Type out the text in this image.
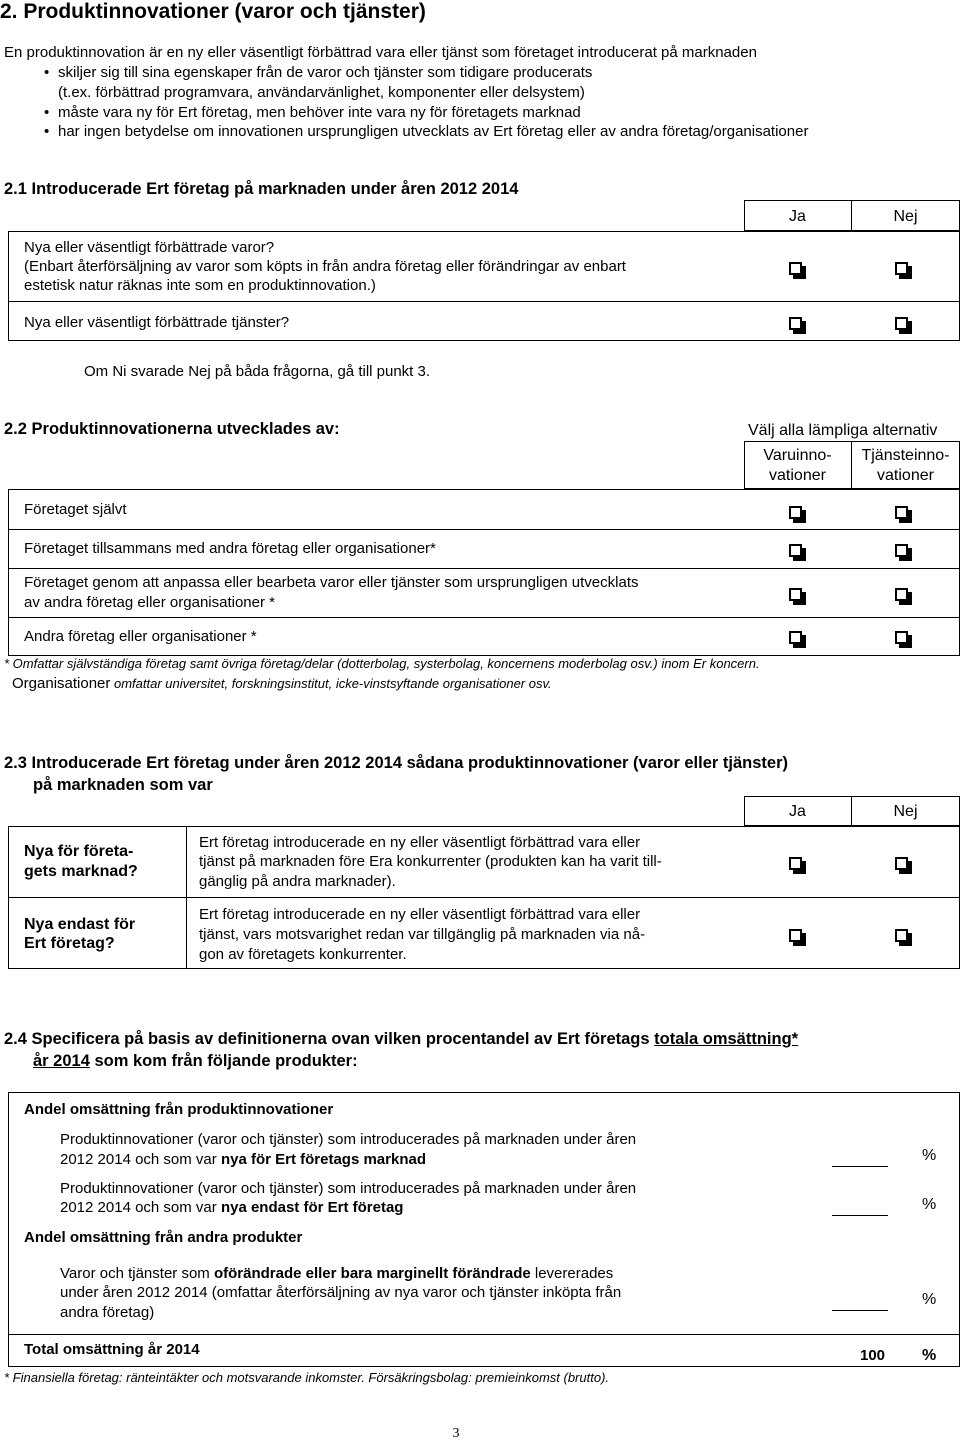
2. Produktinnovationer (varor och tjänster)
En produktinnovation är en ny eller väsentligt förbättrad vara eller tjänst som företaget introducerat på marknaden
• skiljer sig till sina egenskaper från de varor och tjänster som tidigare producerats
(t.ex. förbättrad programvara, användarvänlighet, komponenter eller delsystem)
• måste vara ny för Ert företag, men behöver inte vara ny för företagets marknad
• har ingen betydelse om innovationen ursprungligen utvecklats av Ert företag eller av andra företag/organisationer
2.1 Introducerade Ert företag på marknaden under åren 2012 2014
Ja	Nej
Nya eller väsentligt förbättrade varor?
(Enbart återförsäljning av varor som köpts in från andra företag eller förändringar av enbart
estetisk natur räknas inte som en produktinnovation.)
Nya eller väsentligt förbättrade tjänster?
Om Ni svarade Nej på båda frågorna, gå till punkt 3.
2.2 Produktinnovationerna utvecklades av:	Välj alla lämpliga alternativ
Varuinno-
vationer
Tjänsteinno-
vationer
Företaget självt
Företaget tillsammans med andra företag eller organisationer*
Företaget genom att anpassa eller bearbeta varor eller tjänster som ursprungligen utvecklats
av andra företag eller organisationer *
Andra företag eller organisationer *
* Omfattar självständiga företag samt övriga företag/delar (dotterbolag, systerbolag, koncernens moderbolag osv.) inom Er koncern.
Organisationer omfattar universitet, forskningsinstitut, icke-vinstsyftande organisationer osv.
2.3 Introducerade Ert företag under åren 2012 2014 sådana produktinnovationer (varor eller tjänster)
på marknaden som var
Ja	Nej
Nya för företa-
gets marknad?
Ert företag introducerade en ny eller väsentligt förbättrad vara eller
tjänst på marknaden före Era konkurrenter (produkten kan ha varit till-
gänglig på andra marknader).
Nya endast för
Ert företag?
Ert företag introducerade en ny eller väsentligt förbättrad vara eller
tjänst, vars motsvarighet redan var tillgänglig på marknaden via nå-
gon av företagets konkurrenter.
2.4 Specificera på basis av definitionerna ovan vilken procentandel av Ert företags totala omsättning*
år 2014 som kom från följande produkter:
Andel omsättning från produktinnovationer
Produktinnovationer (varor och tjänster) som introducerades på marknaden under åren
2012 2014 och som var nya för Ert företags marknad	%
Produktinnovationer (varor och tjänster) som introducerades på marknaden under åren
2012 2014 och som var nya endast för Ert företag	%
Andel omsättning från andra produkter
Varor och tjänster som oförändrade eller bara marginellt förändrade levererades
under åren 2012 2014 (omfattar återförsäljning av nya varor och tjänster inköpta från
andra företag)
%
Total omsättning år 2014	100 %
* Finansiella företag: ränteintäkter och motsvarande inkomster. Försäkringsbolag: premieinkomst (brutto).
3
